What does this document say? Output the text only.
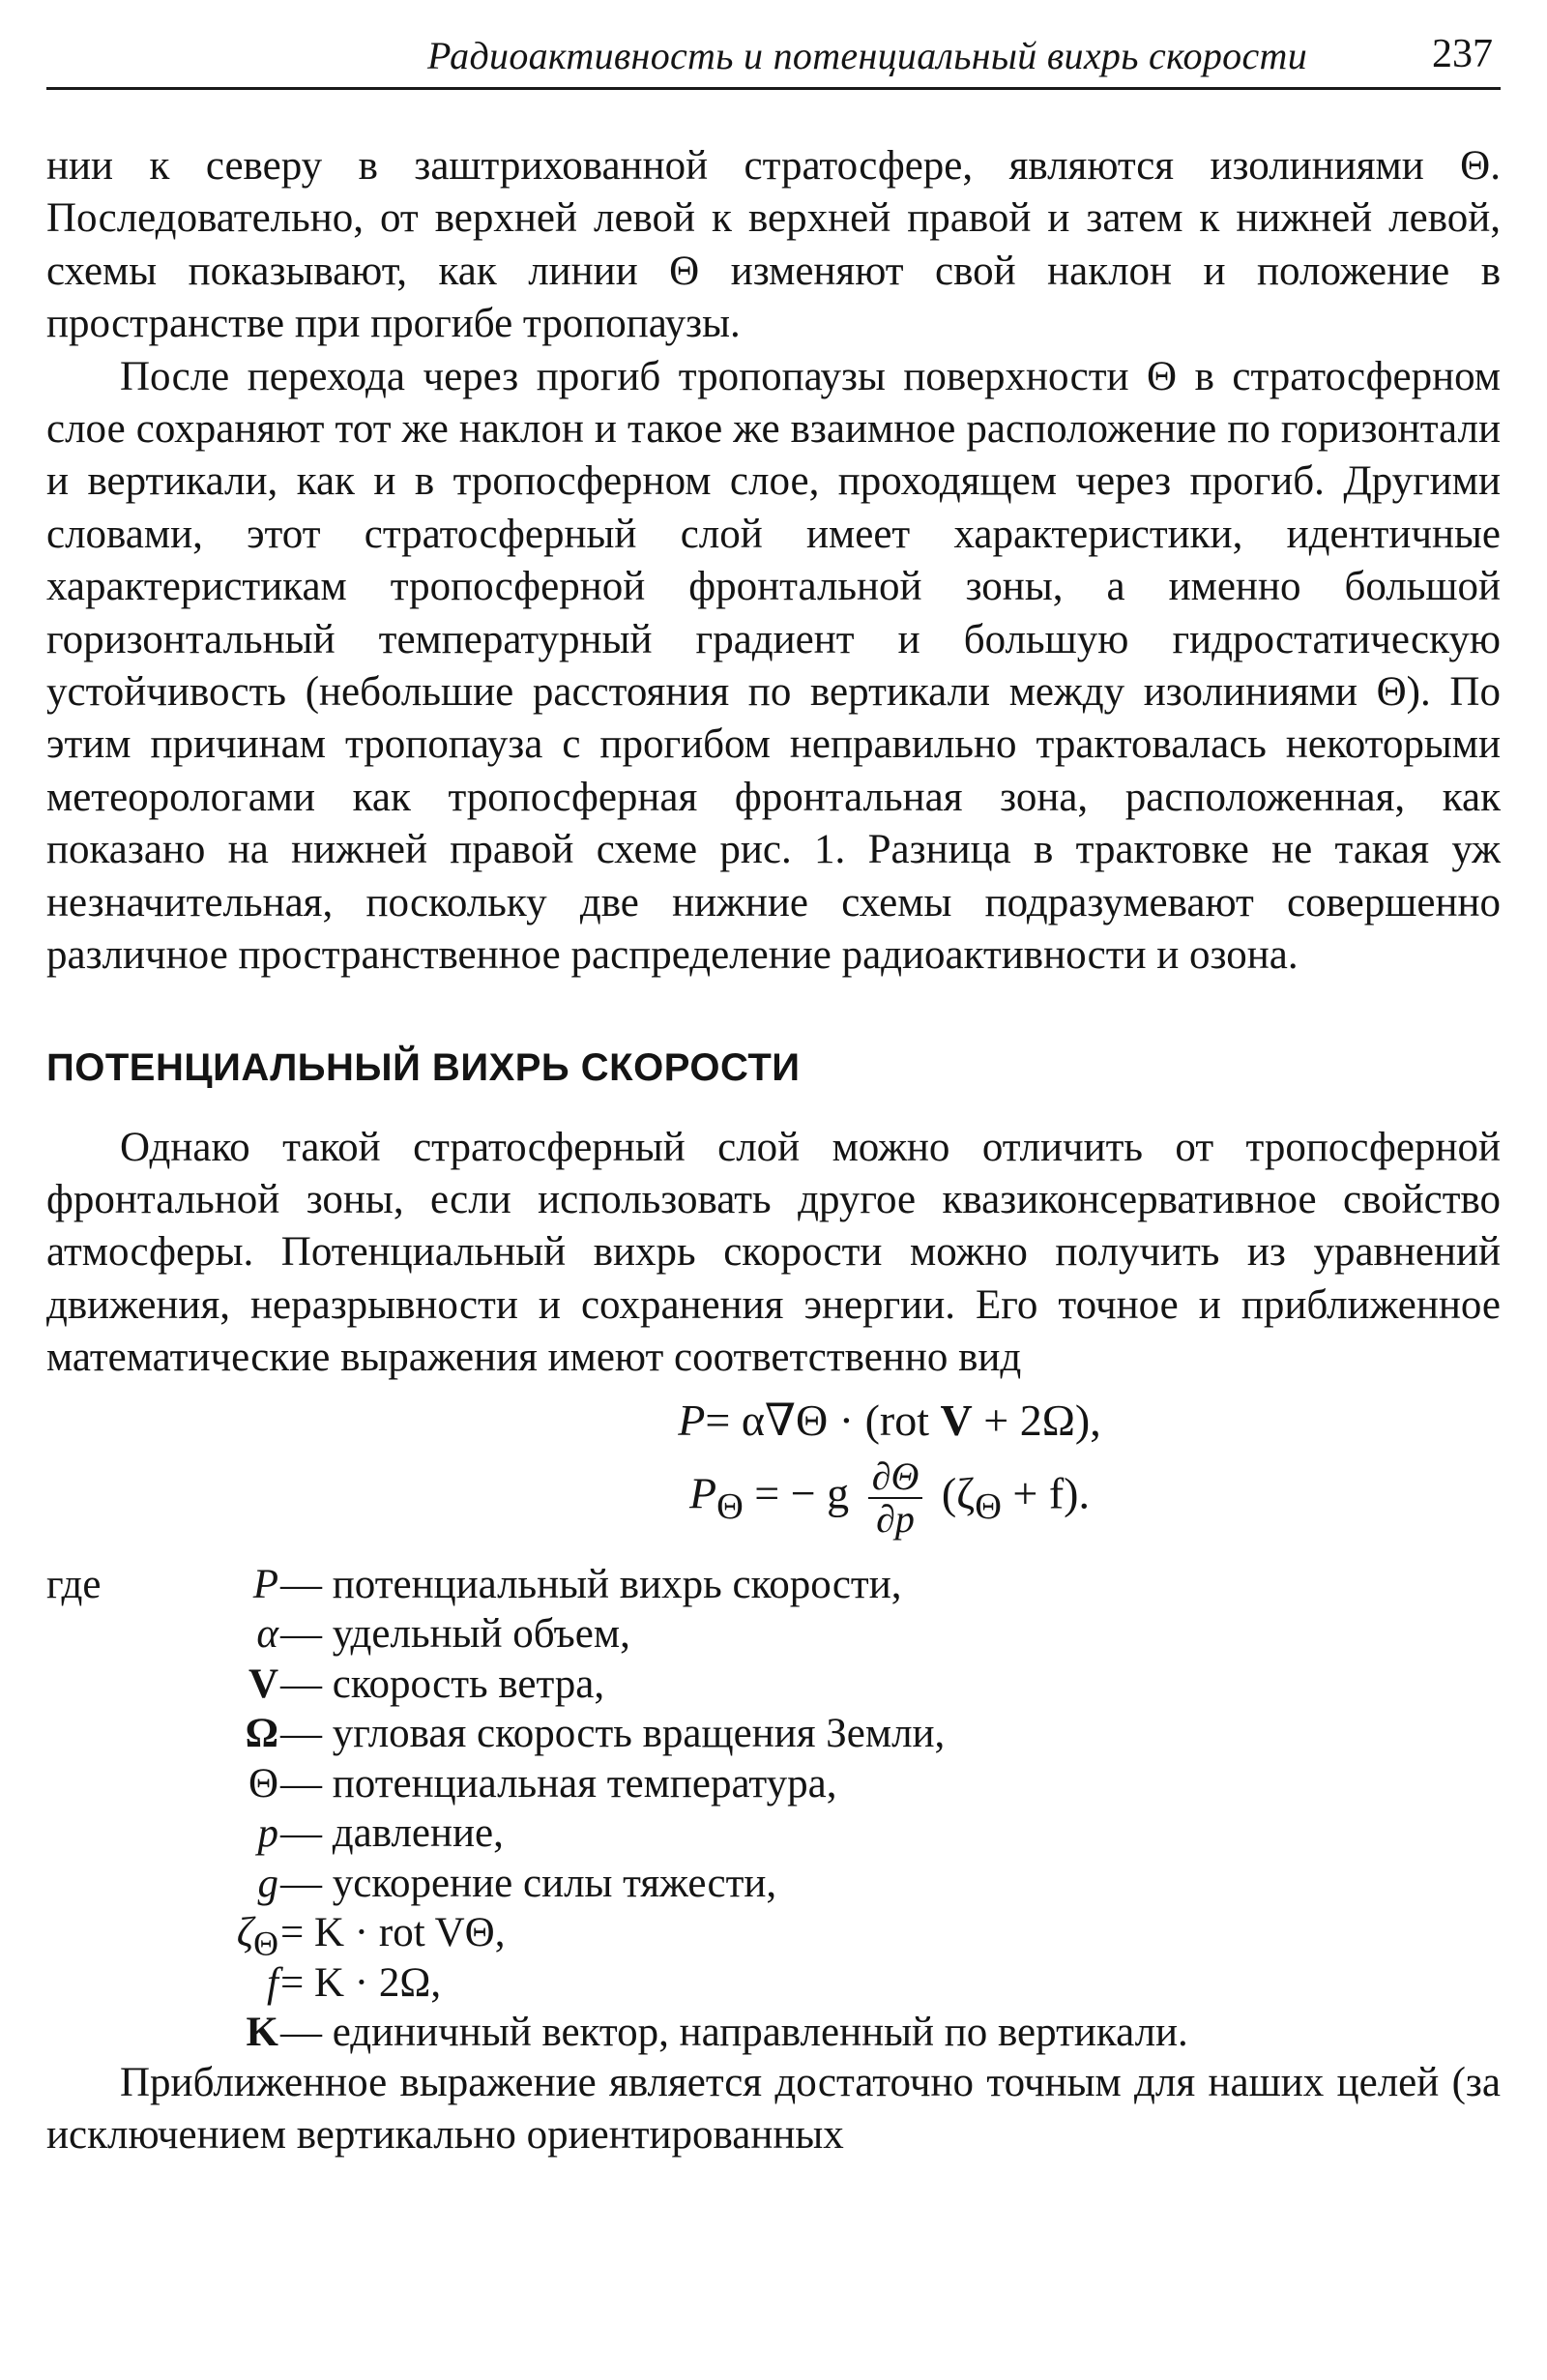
Радиоактивность и потенциальный вихрь скорости	237

нии к северу в заштрихованной стратосфере, являются изолиниями Θ. Последовательно, от верхней левой к верхней правой и затем к нижней левой, схемы показывают, как линии Θ изменяют свой наклон и положение в пространстве при прогибе тропопаузы.

После перехода через прогиб тропопаузы поверхности Θ в стратосферном слое сохраняют тот же наклон и такое же взаимное расположение по горизонтали и вертикали, как и в тропосферном слое, проходящем через прогиб. Другими словами, этот стратосферный слой имеет характеристики, идентичные характеристикам тропосферной фронтальной зоны, а именно большой горизонтальный температурный градиент и большую гидростатическую устойчивость (небольшие расстояния по вертикали между изолиниями Θ). По этим причинам тропопауза с прогибом неправильно трактовалась некоторыми метеорологами как тропосферная фронтальная зона, расположенная, как показано на нижней правой схеме рис. 1. Разница в трактовке не такая уж незначительная, поскольку две нижние схемы подразумевают совершенно различное пространственное распределение радиоактивности и озона.

ПОТЕНЦИАЛЬНЫЙ ВИХРЬ СКОРОСТИ

Однако такой стратосферный слой можно отличить от тропосферной фронтальной зоны, если использовать другое квазиконсервативное свойство атмосферы. Потенциальный вихрь скорости можно получить из уравнений движения, неразрывности и сохранения энергии. Его точное и приближенное математические выражения имеют соответственно вид

P= α∇Θ · (rot V + 2Ω),
$P_\Theta$ = − g $\frac{\partial\Theta}{\partial p} (\zeta_\Theta + f)$.
где	P — потенциальный вихрь скорости,
α — удельный объем,
V — скорость ветра,
Ω — угловая скорость вращения Земли,
Θ — потенциальная температура,
p — давление,
g — ускорение силы тяжести,
$\zeta_\Theta = K$ · rot VΘ,
f = K · 2Ω,
K — единичный вектор, направленный по вертикали.

Приближенное выражение является достаточно точным для наших целей (за исключением вертикально ориентированных
